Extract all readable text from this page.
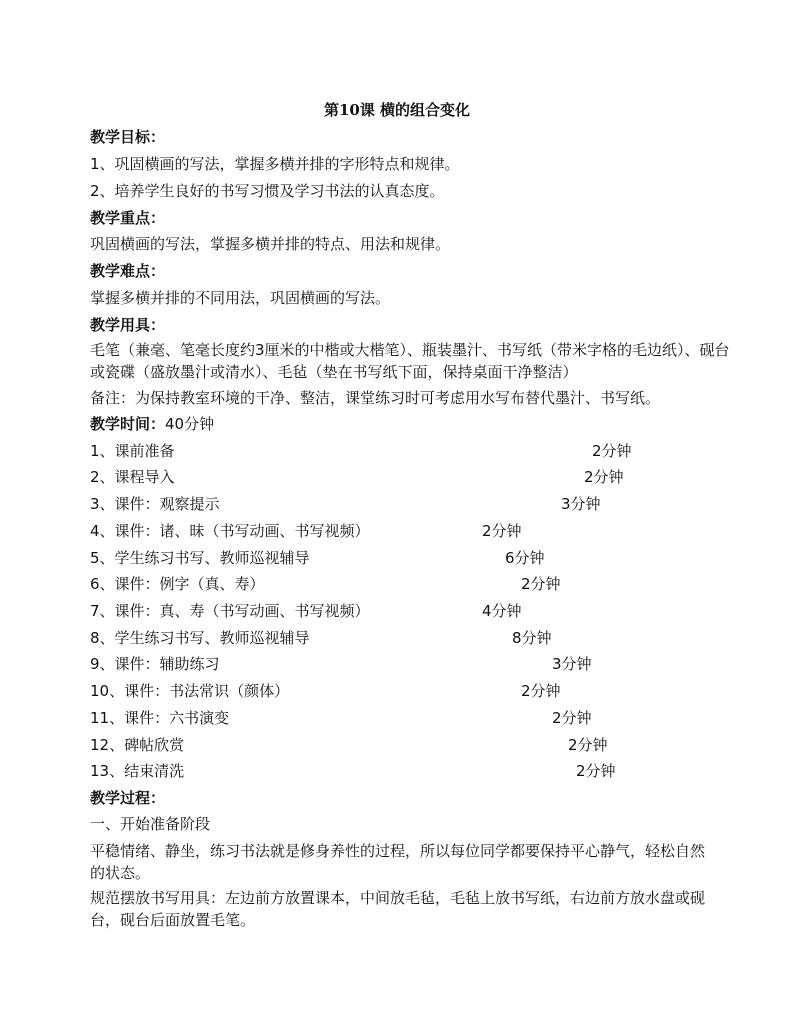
第10课 横的组合变化
教学目标：
1、巩固横画的写法，掌握多横并排的字形特点和规律。
2、培养学生良好的书写习惯及学习书法的认真态度。
教学重点：
巩固横画的写法，掌握多横并排的特点、用法和规律。
教学难点：
掌握多横并排的不同用法，巩固横画的写法。
教学用具：
毛笔（兼毫、笔毫长度约3厘米的中楷或大楷笔）、瓶装墨汁、书写纸（带米字格的毛边纸）、砚台或瓷碟（盛放墨汁或清水）、毛毡（垫在书写纸下面，保持桌面干净整洁）
备注：为保持教室环境的干净、整洁，课堂练习时可考虑用水写布替代墨汁、书写纸。
教学时间：40分钟
1、课前准备	2分钟
2、课程导入	2分钟
3、课件：观察提示	3分钟
4、课件：诸、昧（书写动画、书写视频）	2分钟
5、学生练习书写、教师巡视辅导	6分钟
6、课件：例字（真、寿）	2分钟
7、课件：真、寿（书写动画、书写视频）	4分钟
8、学生练习书写、教师巡视辅导	8分钟
9、课件：辅助练习	3分钟
10、课件：书法常识（颜体）	2分钟
11、课件：六书演变	2分钟
12、碑帖欣赏	2分钟
13、结束清洗	2分钟
教学过程：
一、开始准备阶段
平稳情绪、静坐，练习书法就是修身养性的过程，所以每位同学都要保持平心静气，轻松自然的状态。
规范摆放书写用具：左边前方放置课本，中间放毛毡，毛毡上放书写纸，右边前方放水盘或砚台，砚台后面放置毛笔。
